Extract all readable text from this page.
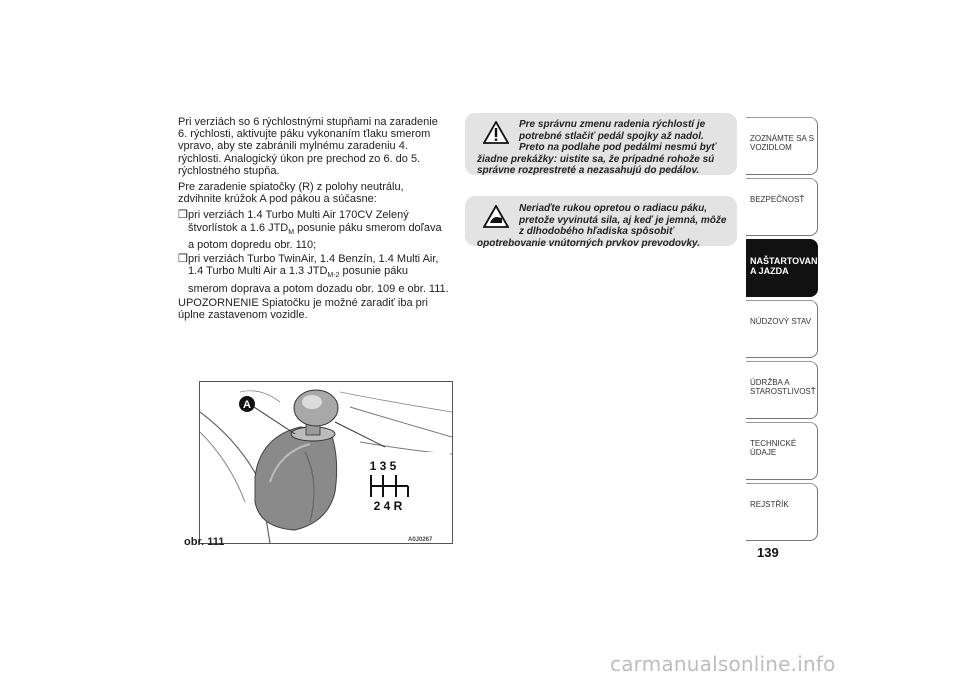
Pri verziách so 6 rýchlostnými stupňami na zaradenie 6. rýchlosti, aktivujte páku vykonaním ťlaku smerom vpravo, aby ste zabránili mylnému zaradeniu 4. rýchlosti. Analogický úkon pre prechod zo 6. do 5. rýchlostného stupňa.

Pre zaradenie spiatočky (R) z polohy neutrálu, zdvihnite krúžok A pod pákou a súčasne:

❒ pri verziách 1.4 Turbo Multi Air 170CV Zelený štvorlístok a 1.6 $JTD_M$ posunie páku smerom doľava a potom dopredu obr. 110;
❒ pri verziách Turbo TwinAir, 1.4 Benzín, 1.4 Multi Air, 1.4 Turbo Multi Air a 1.3 $JTD_{M-2}$ posunie páku smerom doprava a potom dozadu obr. 109 e obr. 111.

UPOZORNENIE Spiatočku je možné zaradiť iba pri úplne zastavenom vozidle.

A
1 3 5
2 4 R
obr. 111	A0J0267
Pre správnu zmenu radenia rýchlostí je potrebné stlačiť pedál spojky až nadol. Preto na podlahe pod pedálmi nesmú byť žiadne prekážky: uistite sa, že prípadné rohože sú správne rozprestreté a nezasahujú do pedálov.
Neriaďte rukou opretou o radiacu páku, pretože vyvinutá sila, aj keď je jemná, môže z dlhodobého hľadiska spôsobiť opotrebovanie vnútorných prvkov prevodovky.
ZOZNÁMTE SA S VOZIDLOM
BEZPEČNOSŤ
NAŠTARTOVANIE A JAZDA
NÚDZOVÝ STAV
ÚDRŽBA A STAROSTLIVOSŤ
TECHNICKÉ ÚDAJE
REJSTŘÍK
139
carmanualsonline.info
